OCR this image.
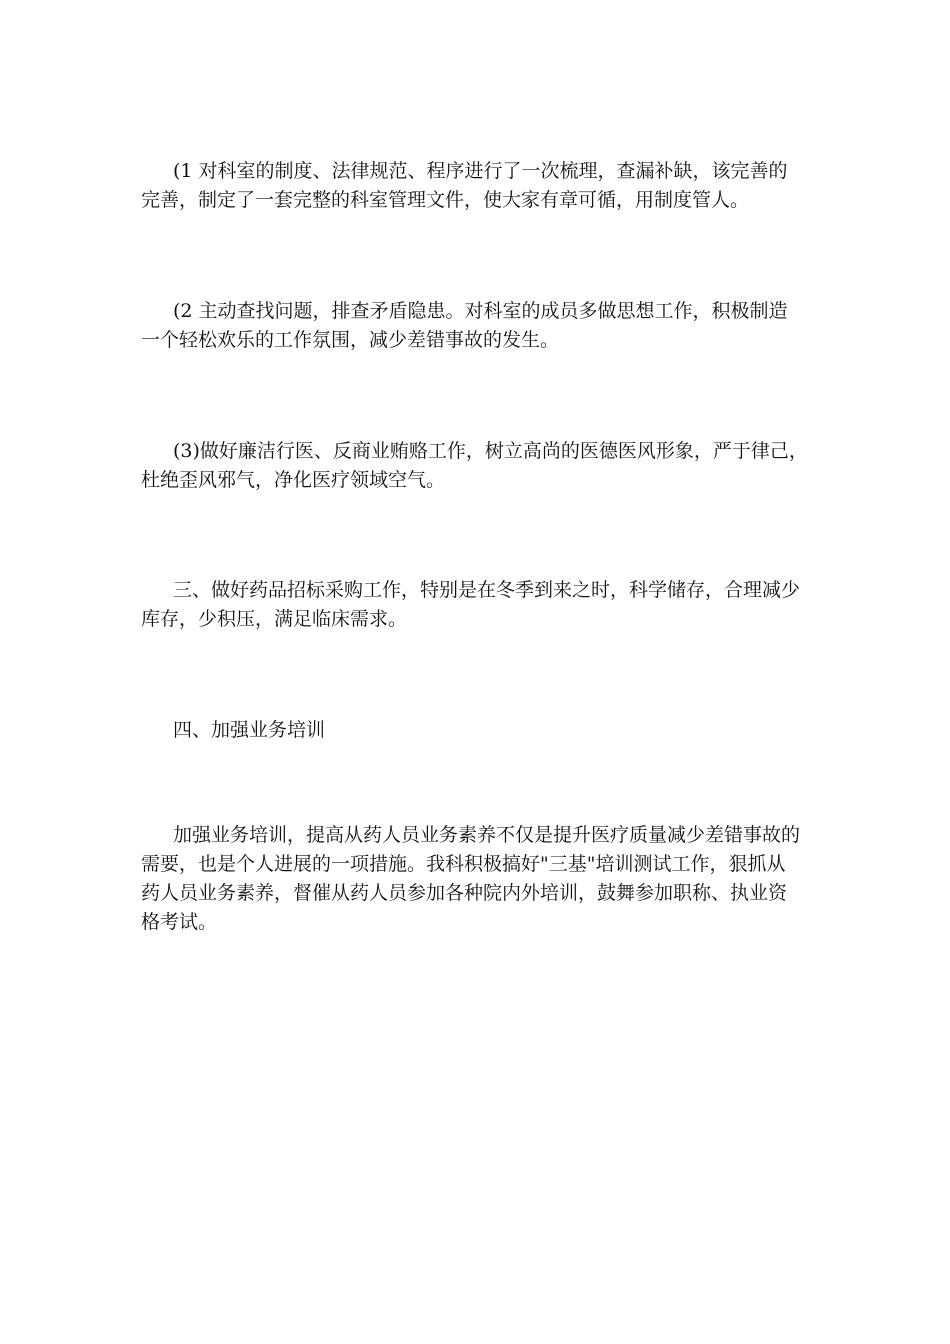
(1 对科室的制度、法律规范、程序进行了一次梳理，查漏补缺，该完善的
完善，制定了一套完整的科室管理文件，使大家有章可循，用制度管人。

(2 主动查找问题，排查矛盾隐患。对科室的成员多做思想工作，积极制造
一个轻松欢乐的工作氛围，减少差错事故的发生。

(3)做好廉洁行医、反商业贿赂工作，树立高尚的医德医风形象，严于律己，
杜绝歪风邪气，净化医疗领域空气。

三、做好药品招标采购工作，特别是在冬季到来之时，科学储存，合理减少
库存，少积压，满足临床需求。

四、加强业务培训

加强业务培训，提高从药人员业务素养不仅是提升医疗质量减少差错事故的
需要，也是个人进展的一项措施。我科积极搞好"三基"培训测试工作，狠抓从
药人员业务素养，督催从药人员参加各种院内外培训，鼓舞参加职称、执业资
格考试。
